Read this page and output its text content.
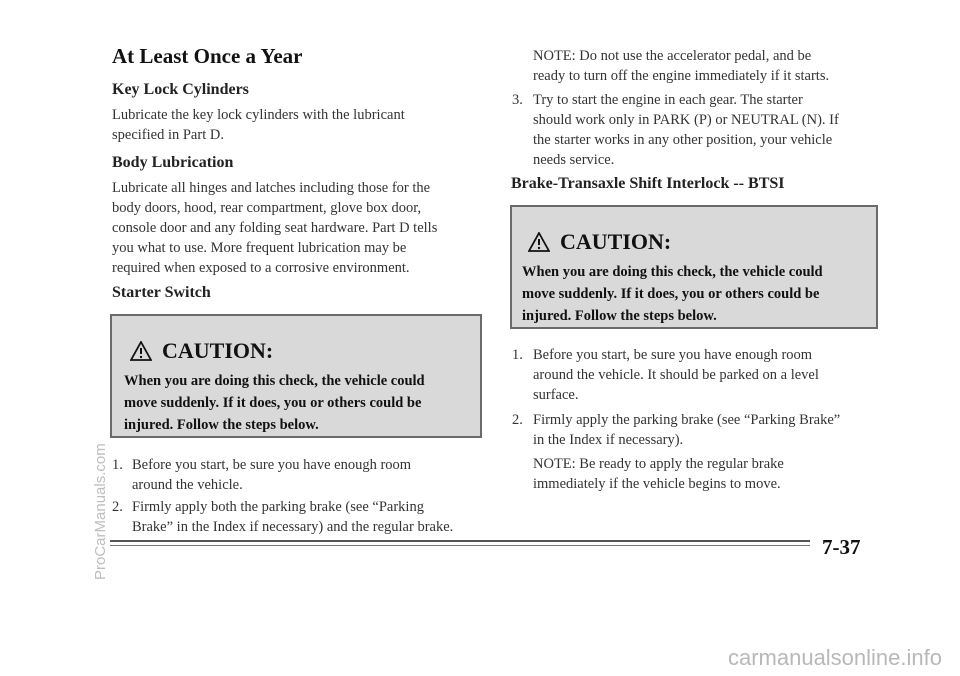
At Least Once a Year
Key Lock Cylinders
Lubricate the key lock cylinders with the lubricant
specified in Part D.
Body Lubrication
Lubricate all hinges and latches including those for the
body doors, hood, rear compartment, glove box door,
console door and any folding seat hardware. Part D tells
you what to use. More frequent lubrication may be
required when exposed to a corrosive environment.
Starter Switch
CAUTION:
When you are doing this check, the vehicle could
move suddenly. If it does, you or others could be
injured. Follow the steps below.
1. Before you start, be sure you have enough room
around the vehicle.
2. Firmly apply both the parking brake (see “Parking
Brake” in the Index if necessary) and the regular brake.
NOTE: Do not use the accelerator pedal, and be
ready to turn off the engine immediately if it starts.
3. Try to start the engine in each gear. The starter
should work only in PARK (P) or NEUTRAL (N). If
the starter works in any other position, your vehicle
needs service.
Brake-Transaxle Shift Interlock -- BTSI
CAUTION:
When you are doing this check, the vehicle could
move suddenly. If it does, you or others could be
injured. Follow the steps below.
1. Before you start, be sure you have enough room
around the vehicle. It should be parked on a level
surface.
2. Firmly apply the parking brake (see “Parking Brake”
in the Index if necessary).
NOTE: Be ready to apply the regular brake
immediately if the vehicle begins to move.
7-37
ProCarManuals.com
carmanualsonline.info
